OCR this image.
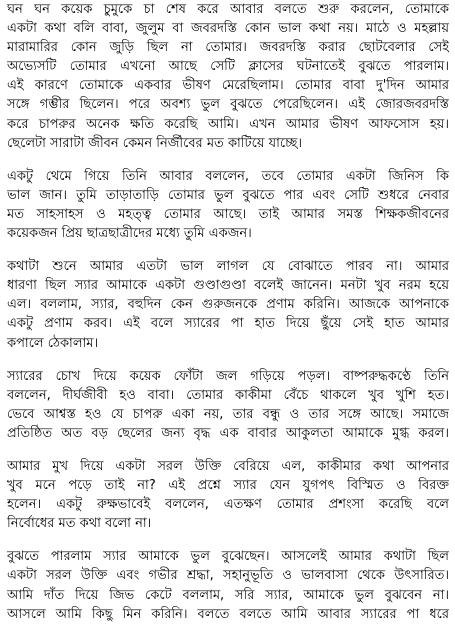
ঘন ঘন কয়েক চুমুকে চা শেষ করে আবার বলতে শুরু করলেন, তোমাকে
একটা কথা বলি বাবা, জুলুম বা জবরদস্তি কোন ভাল কথা নয়। মাঠে ও মহল্লায়
মারামারির কোন জুড়ি ছিল না তোমার। জবরদস্তি করার ছোটবেলার সেই
অভ্যেসটি তোমার এখনো আছে সেটি ক্লাসের ঘটনাতেই বুঝতে পারলাম।
এই কারণে তোমাকে একবার ভীষণ মেরেছিলাম। তোমার বাবা দু'দিন আমার
সঙ্গে গম্ভীর ছিলেন। পরে অবশ্য ভুল বুঝতে পেরেছিলেন। এই জোরজবরদস্তি
করে চাপরুর অনেক ক্ষতি করেছি আমি। এখন আমার ভীষণ আফসোস হয়।
ছেলেটা সারাটা জীবন কেমন নির্জীবের মত কাটিয়ে যাচ্ছে।
একটু থেমে গিয়ে তিনি আবার বললেন, তবে তোমার একটা জিনিস কি
ভাল জান। তুমি তাড়াতাড়ি তোমার ভুল বুঝতে পার এবং সেটি শুধরে নেবার
মত সাহসাহস ও মহত্ত্ব তোমার আছে। তাই আমার সমস্ত শিক্ষকজীবনের
কয়েকজন প্রিয় ছাত্রছাত্রীদের মধ্যে তুমি একজন।
কথাটা শুনে আমার এতটা ভাল লাগল যে বোঝাতে পারব না। আমার
ধারণা ছিল স্যার আমাকে একটা গুণ্ডাগুণ্ডা বলেই জানেন। মনটা খুব নরম হয়ে
এল। বললাম, স্যার, বহুদিন কেন গুরুজনকে প্রণাম করিনি। আজকে আপনাকে
একটু প্রণাম করব। এই বলে স্যারের পা হাত দিয়ে ছুঁয়ে সেই হাত আমার
কপালে ঠেকালাম।
স্যারের চোখ দিয়ে কয়েক ফোঁটা জল গড়িয়ে পড়ল। বাষ্পরুদ্ধকণ্ঠে তিনি
বললেন, দীর্ঘজীবী হও বাবা। তোমার কাকীমা বেঁচে থাকলে খুব খুশি হত।
ভেবে আশ্বস্ত হও যে চাপরু একা নয়, তার বন্ধু ও তার সঙ্গে আছে। সমাজে
প্রতিষ্ঠিত অত বড় ছেলের জন্য বৃদ্ধ এক বাবার আকুলতা আমাকে মুগ্ধ করল।
আমার মুখ দিয়ে একটা সরল উক্তি বেরিয়ে এল, কাকীমার কথা আপনার
খুব মনে পড়ে তাই না? এই প্রশ্নে স্যার যেন যুগপৎ বিস্মিত ও বিরক্ত
হলেন। একটু রুক্ষভাবেই বললেন, এতক্ষণ তোমার প্রশংসা করেছি বলে
নির্বোধের মত কথা বলো না।
বুঝতে পারলাম স্যার আমাকে ভুল বুঝেছেন। আসলেই আমার কথাটা ছিল
একটা সরল উক্তি এবং গভীর শ্রদ্ধা, সহানুভূতি ও ভালবাসা থেকে উৎসারিত।
আমি দাঁত দিয়ে জিভ কেটে বললাম, সরি স্যার, আমাকে ভুল বুঝবেন না।
আসলে আমি কিছু মিন করিনি। বলতে বলতে আমি আবার স্যারের পা ধরে
